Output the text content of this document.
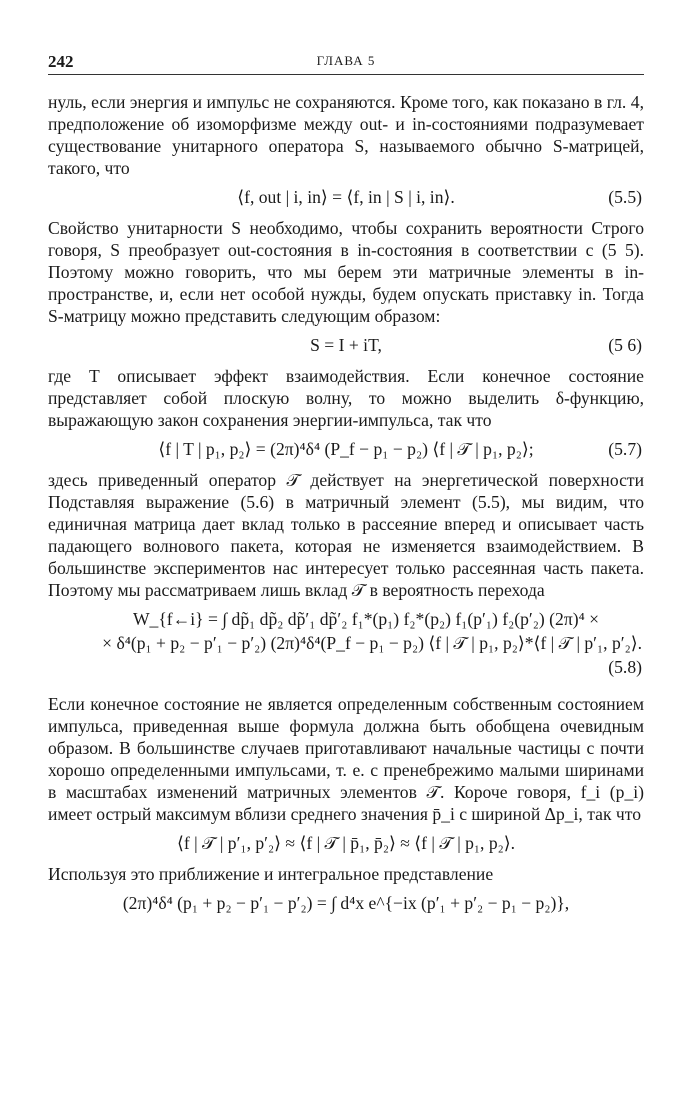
242	ГЛАВА 5

нуль, если энергия и импульс не сохраняются. Кроме того, как показано в гл. 4, предположение об изоморфизме между out- и in-состояниями подразумевает существование унитарного оператора S, называемого обычно S-матрицей, такого, что

⟨f, out | i, in⟩ = ⟨f, in | S | i, in⟩.	(5.5)

Свойство унитарности S необходимо, чтобы сохранить вероятности Строго говоря, S преобразует out-состояния в in-состояния в соответствии с (5 5). Поэтому можно говорить, что мы берем эти матричные элементы в in-пространстве, и, если нет особой нужды, будем опускать приставку in. Тогда S-матрицу можно представить следующим образом:

S = I + iT,	(5 6)

где T описывает эффект взаимодействия. Если конечное состояние представляет собой плоскую волну, то можно выделить δ-функцию, выражающую закон сохранения энергии-импульса, так что

⟨f | T | p₁, p₂⟩ = (2π)⁴δ⁴ (P_f − p₁ − p₂) ⟨f | 𝒯 | p₁, p₂⟩;	(5.7)

здесь приведенный оператор 𝒯 действует на энергетической поверхности Подставляя выражение (5.6) в матричный элемент (5.5), мы видим, что единичная матрица дает вклад только в рассеяние вперед и описывает часть падающего волнового пакета, которая не изменяется взаимодействием. В большинстве экспериментов нас интересует только рассеянная часть пакета. Поэтому мы рассматриваем лишь вклад 𝒯 в вероятность перехода

W_{f←i} = ∫ dp̃₁ dp̃₂ dp̃′₁ dp̃′₂ f₁*(p₁) f₂*(p₂) f₁(p′₁) f₂(p′₂) (2π)⁴ ×
× δ⁴(p₁ + p₂ − p′₁ − p′₂) (2π)⁴δ⁴(P_f − p₁ − p₂) ⟨f | 𝒯 | p₁, p₂⟩*⟨f | 𝒯 | p′₁, p′₂⟩.
(5.8)

Если конечное состояние не является определенным собственным состоянием импульса, приведенная выше формула должна быть обобщена очевидным образом. В большинстве случаев приготавливают начальные частицы с почти хорошо определенными импульсами, т. е. с пренебрежимо малыми ширинами в масштабах изменений матричных элементов 𝒯. Короче говоря, f_i (p_i) имеет острый максимум вблизи среднего значения p̄_i с шириной Δp_i, так что

⟨f | 𝒯 | p′₁, p′₂⟩ ≈ ⟨f | 𝒯 | p̄₁, p̄₂⟩ ≈ ⟨f | 𝒯 | p₁, p₂⟩.

Используя это приближение и интегральное представление

(2π)⁴δ⁴ (p₁ + p₂ − p′₁ − p′₂) = ∫ d⁴x e^{−ix (p′₁ + p′₂ − p₁ − p₂)},
